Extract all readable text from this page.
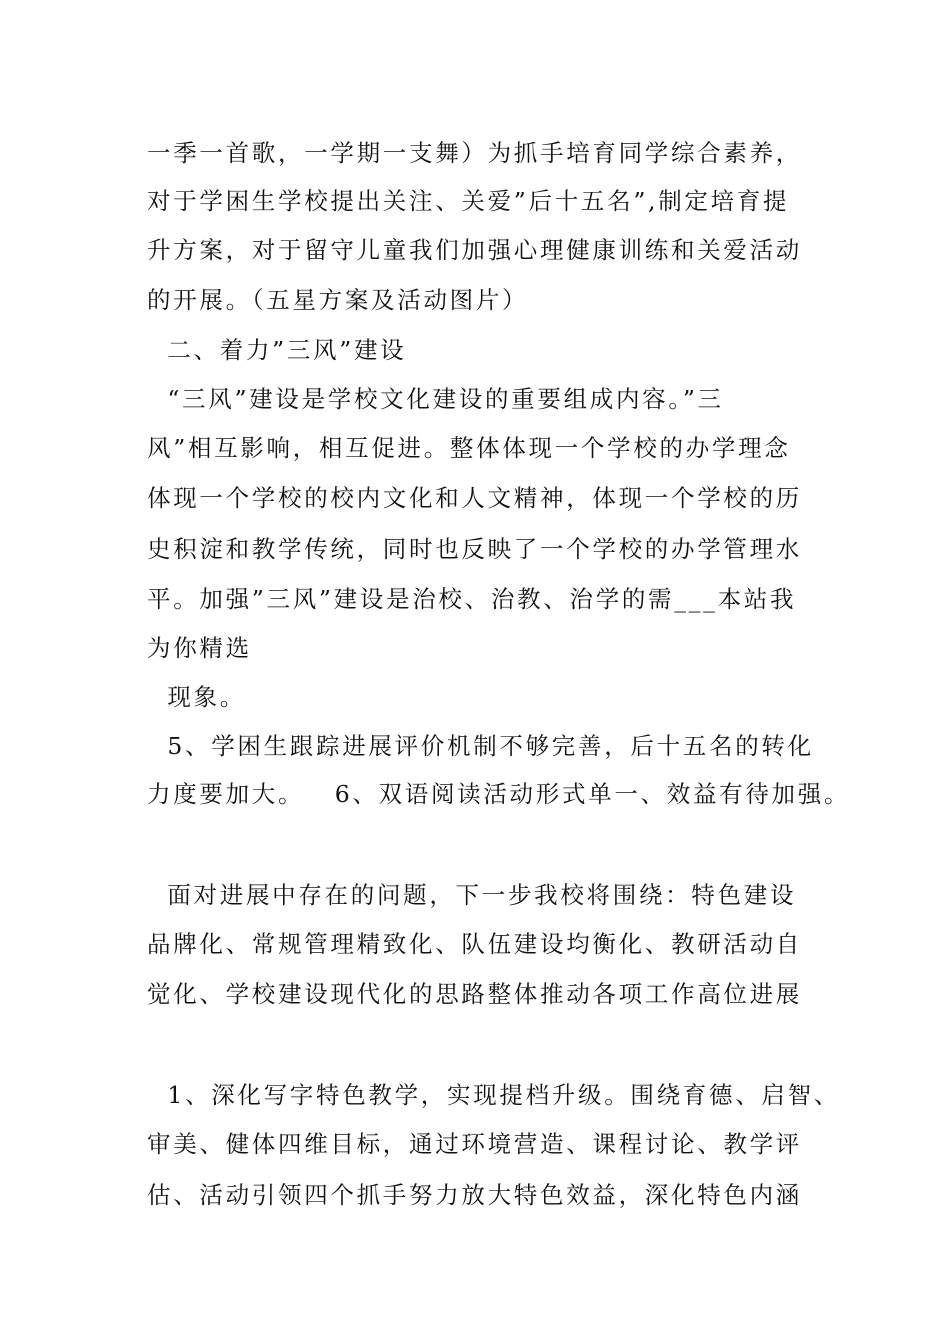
一季一首歌，一学期一支舞）为抓手培育同学综合素养，
对于学困生学校提出关注、关爱”后十五名”,制定培育提
升方案，对于留守儿童我们加强心理健康训练和关爱活动
的开展。（五星方案及活动图片）
二、着力”三风”建设
“三风”建设是学校文化建设的重要组成内容。”三
风”相互影响，相互促进。整体体现一个学校的办学理念
体现一个学校的校内文化和人文精神，体现一个学校的历
史积淀和教学传统，同时也反映了一个学校的办学管理水
平。加强”三风”建设是治校、治教、治学的需___本站我
为你精选
现象。
5、学困生跟踪进展评价机制不够完善，后十五名的转化
力度要加大。   6、双语阅读活动形式单一、效益有待加强。
面对进展中存在的问题，下一步我校将围绕：特色建设
品牌化、常规管理精致化、队伍建设均衡化、教研活动自
觉化、学校建设现代化的思路整体推动各项工作高位进展
1、深化写字特色教学，实现提档升级。围绕育德、启智、
审美、健体四维目标，通过环境营造、课程讨论、教学评
估、活动引领四个抓手努力放大特色效益，深化特色内涵
